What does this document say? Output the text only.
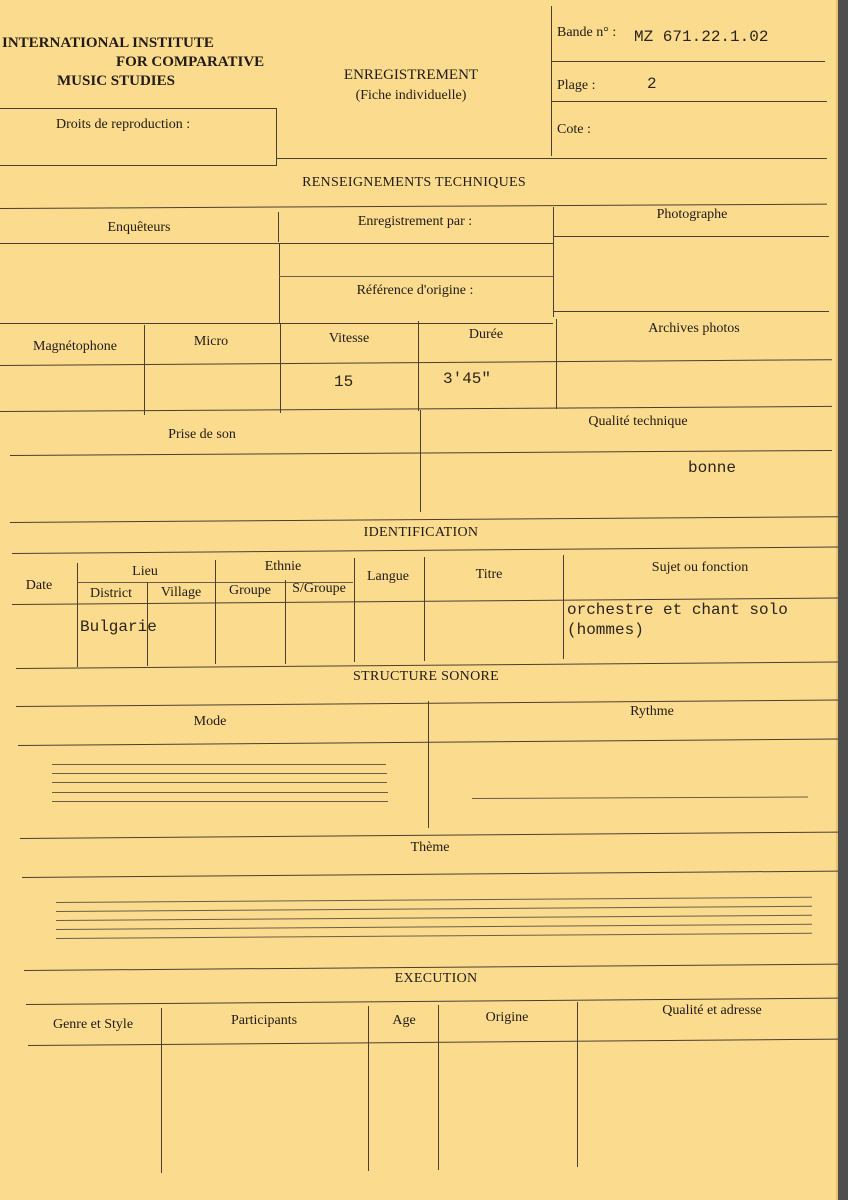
INTERNATIONAL INSTITUTE
FOR COMPARATIVE
MUSIC STUDIES	ENREGISTREMENT
(Fiche individuelle)
Droits de reproduction :
Bande n° : MZ 671.22.1.02
Plage :	2
Cote :
RENSEIGNEMENTS TECHNIQUES
Enquêteurs	Enregistrement par :	Photographe
Référence d'origine :
Magnétophone	Micro	Vitesse	Durée	Archives photos
15	3'45"
Prise de son
Qualité technique
bonne
IDENTIFICATION
Date
Lieu	Ethnie
Langue	Titre	Sujet ou fonction
District Village Groupe S/Groupe
Bulgarie
orchestre et chant solo
(hommes)
STRUCTURE SONORE
Mode
Rythme
Thème
EXECUTION
Genre et Style	Participants	Age	Origine	Qualité et adresse
